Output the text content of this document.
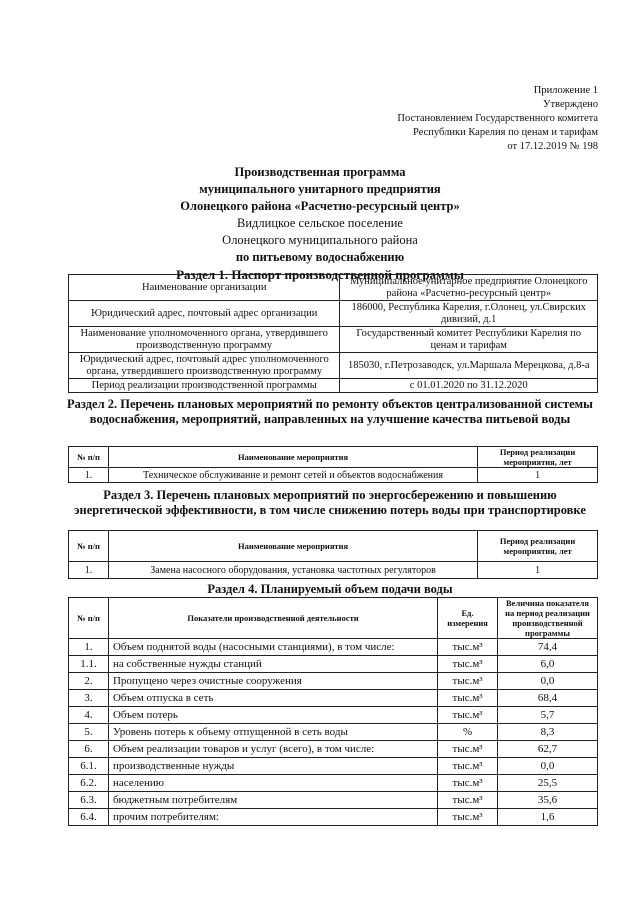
Приложение 1
Утверждено
Постановлением Государственного комитета
Республики Карелия по ценам и тарифам
от 17.12.2019 № 198
Производственная программа
муниципального унитарного предприятия
Олонецкого района «Расчетно-ресурсный центр»
Видлицкое сельское поселение
Олонецкого муниципального района
по питьевому водоснабжению
Раздел 1. Паспорт производственной программы
Наименование организации	Муниципальное унитарное предприятие Олонецкого района «Расчетно-ресурсный центр»
Юридический адрес, почтовый адрес организации	186000, Республика Карелия, г.Олонец, ул.Свирских дивизий, д.1
Наименование уполномоченного органа, утвердившего производственную программу	Государственный комитет Республики Карелия по ценам и тарифам
Юридический адрес, почтовый адрес уполномоченного органа, утвердившего производственную программу	185030, г.Петрозаводск, ул.Маршала Мерецкова, д.8-а
Период реализации производственной программы	с 01.01.2020 по 31.12.2020
Раздел 2. Перечень плановых мероприятий по ремонту объектов централизованной системы водоснабжения, мероприятий, направленных на улучшение качества питьевой воды
№ п/п	Наименование мероприятия	Период реализации мероприятия, лет
1.	Техническое обслуживание и ремонт сетей и объектов водоснабжения	1
Раздел 3. Перечень плановых мероприятий по энергосбережению и повышению энергетической эффективности, в том числе снижению потерь воды при транспортировке
№ п/п	Наименование мероприятия	Период реализации мероприятия, лет
1.	Замена насосного оборудования, установка частотных регуляторов	1
Раздел 4. Планируемый объем подачи воды
№ п/п	Показатели производственной деятельности	Ед. измерения	Величина показателя на период реализации производственной программы
1.	Объем поднятой воды (насосными станциями), в том числе:	тыс.м³	74,4
1.1.	на собственные нужды станций	тыс.м³	6,0
2.	Пропущено через очистные сооружения	тыс.м³	0,0
3.	Объем отпуска в сеть	тыс.м³	68,4
4.	Объем потерь	тыс.м³	5,7
5.	Уровень потерь к объему отпущенной в сеть воды	%	8,3
6.	Объем реализации товаров и услуг (всего), в том числе:	тыс.м³	62,7
6.1.	производственные нужды	тыс.м³	0,0
6.2.	населению	тыс.м³	25,5
6.3.	бюджетным потребителям	тыс.м³	35,6
6.4.	прочим потребителям:	тыс.м³	1,6
